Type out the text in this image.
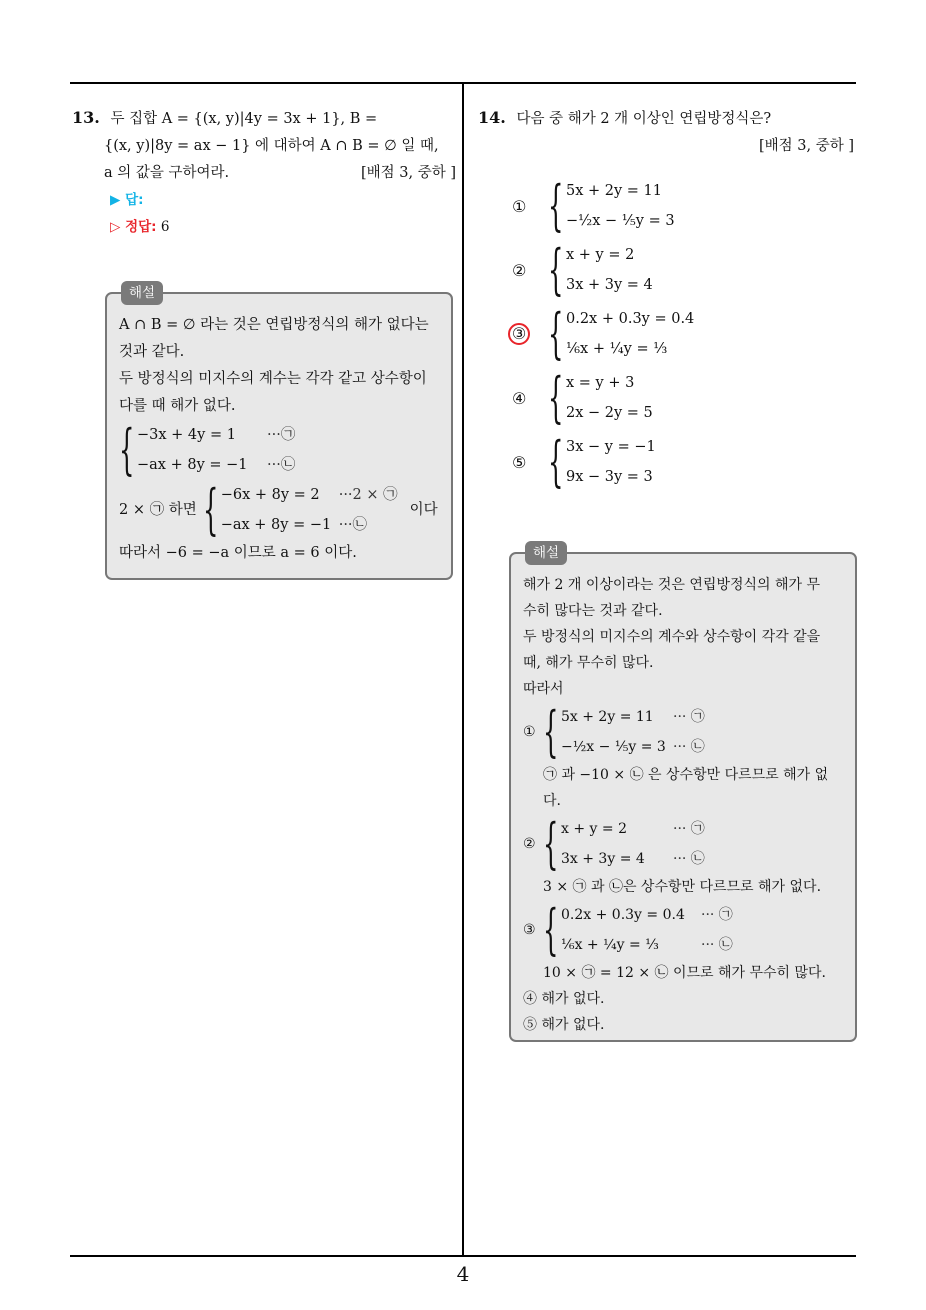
13. 두 집합 A = {(x, y)|4y = 3x + 1}, B =
{(x, y)|8y = ax − 1} 에 대하여 A ∩ B = ∅ 일 때,
a 의 값을 구하여라.	[배점 3, 중하 ]
▶ 답:
▷ 정답: 6
해설
A ∩ B = ∅ 라는 것은 연립방정식의 해가 없다는
것과 같다.
두 방정식의 미지수의 계수는 각각 같고 상수항이
다를 때 해가 없다.
{ −3x + 4y = 1 ···㉠
−ax + 8y = −1 ···㉡
2 × ㉠ 하면 { −6x + 8y = 2 ···2 × ㉠
−ax + 8y = −1 ···㉡
이다
따라서 −6 = −a 이므로 a = 6 이다.
14. 다음 중 해가 2 개 이상인 연립방정식은?
[배점 3, 중하 ]
① { 5x + 2y = 11
−½x − ⅕y = 3
② { x + y = 2
3x + 3y = 4
③ { 0.2x + 0.3y = 0.4
⅙x + ¼y = ⅓
④ { x = y + 3
2x − 2y = 5
⑤ { 3x − y = −1
9x − 3y = 3
해설
해가 2 개 이상이라는 것은 연립방정식의 해가 무
수히 많다는 것과 같다.
두 방정식의 미지수의 계수와 상수항이 각각 같을
때, 해가 무수히 많다.
따라서
① { 5x + 2y = 11 ··· ㉠
−½x − ⅕y = 3 ··· ㉡
㉠ 과 −10 × ㉡ 은 상수항만 다르므로 해가 없
다.
② { x + y = 2	··· ㉠
3x + 3y = 4 ··· ㉡
3 × ㉠ 과 ㉡은 상수항만 다르므로 해가 없다.
③ { 0.2x + 0.3y = 0.4 ··· ㉠
⅙x + ¼y = ⅓	··· ㉡
10 × ㉠ = 12 × ㉡ 이므로 해가 무수히 많다.
④ 해가 없다.
⑤ 해가 없다.
4
